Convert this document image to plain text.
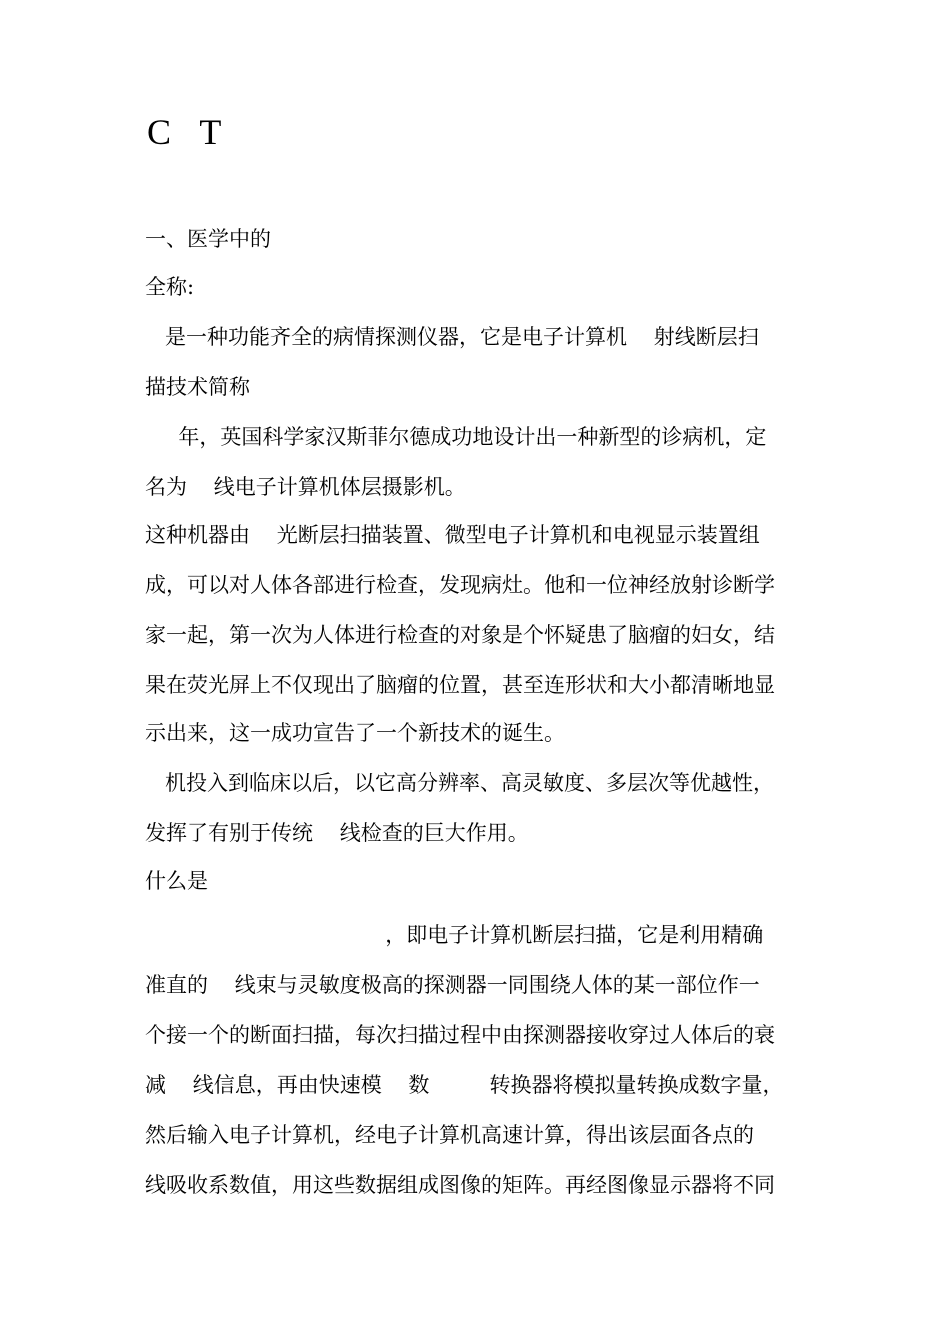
C T
一、医学中的
全称:
是一种功能齐全的病情探测仪器，它是电子计算机    射线断层扫
描技术简称
年，英国科学家汉斯菲尔德成功地设计出一种新型的诊病机，定
名为    线电子计算机体层摄影机。
这种机器由    光断层扫描装置、微型电子计算机和电视显示装置组
成，可以对人体各部进行检查，发现病灶。他和一位神经放射诊断学
家一起，第一次为人体进行检查的对象是个怀疑患了脑瘤的妇女，结
果在荧光屏上不仅现出了脑瘤的位置，甚至连形状和大小都清晰地显
示出来，这一成功宣告了一个新技术的诞生。
机投入到临床以后，以它高分辨率、高灵敏度、多层次等优越性，
发挥了有别于传统    线检查的巨大作用。
什么是
，即电子计算机断层扫描，它是利用精确
准直的    线束与灵敏度极高的探测器一同围绕人体的某一部位作一
个接一个的断面扫描，每次扫描过程中由探测器接收穿过人体后的衰
减    线信息，再由快速模    数         转换器将模拟量转换成数字量，
然后输入电子计算机，经电子计算机高速计算，得出该层面各点的
线吸收系数值，用这些数据组成图像的矩阵。再经图像显示器将不同
